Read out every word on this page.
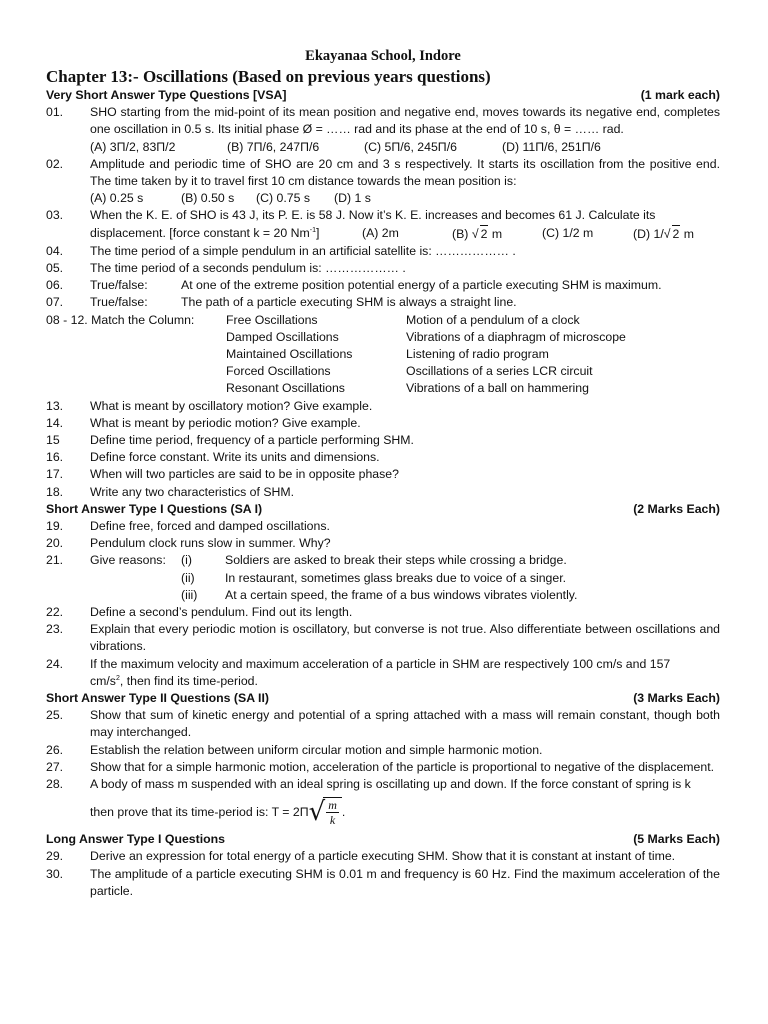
Ekayanaa School, Indore
Chapter 13:- Oscillations (Based on previous years questions)
Very Short Answer Type Questions [VSA]	(1 mark each)
01.	SHO starting from the mid-point of its mean position and negative end, moves towards its negative end, completes one oscillation in 0.5 s. Its initial phase Ø = …… rad and its phase at the end of 10 s, θ = …… rad.
(A) 3Π/2, 83Π/2	(B) 7Π/6, 247Π/6	(C) 5Π/6, 245Π/6	(D) 11Π/6, 251Π/6
02.	Amplitude and periodic time of SHO are 20 cm and 3 s respectively. It starts its oscillation from the positive end. The time taken by it to travel first 10 cm distance towards the mean position is:
(A) 0.25 s	(B) 0.50 s	(C) 0.75 s	(D) 1 s
03.	When the K. E. of SHO is 43 J, its P. E. is 58 J. Now it’s K. E. increases and becomes 61 J. Calculate its
displacement. [force constant k = 20 $Nm^{-1}$]	(A) 2m	(B) √ 2 m	(C) 1/2 m	(D) 1/√ 2 m
04.	The time period of a simple pendulum in an artificial satellite is: ……………… .
05.	The time period of a seconds pendulum is: ……………… .
06.	True/false:	At one of the extreme position potential energy of a particle executing SHM is maximum.
07.	True/false:	The path of a particle executing SHM is always a straight line.
08 - 12. Match the Column:	Free Oscillations	Motion of a pendulum of a clock
Damped Oscillations	Vibrations of a diaphragm of microscope
Maintained Oscillations	Listening of radio program
Forced Oscillations	Oscillations of a series LCR circuit
Resonant Oscillations	Vibrations of a ball on hammering
13.	What is meant by oscillatory motion? Give example.
14.	What is meant by periodic motion? Give example.
15	Define time period, frequency of a particle performing SHM.
16.	Define force constant. Write its units and dimensions.
17.	When will two particles are said to be in opposite phase?
18.	Write any two characteristics of SHM.
Short Answer Type I Questions (SA I)	(2 Marks Each)
19.	Define free, forced and damped oscillations.
20.	Pendulum clock runs slow in summer. Why?
21.	Give reasons:	(i)	Soldiers are asked to break their steps while crossing a bridge.
(ii)	In restaurant, sometimes glass breaks due to voice of a singer.
(iii)	At a certain speed, the frame of a bus windows vibrates violently.
22.	Define a second’s pendulum. Find out its length.
23.	Explain that every periodic motion is oscillatory, but converse is not true. Also differentiate between oscillations and vibrations.
24.	If the maximum velocity and maximum acceleration of a particle in SHM are respectively 100 cm/s and 157
$cm/s^2$, then find its time-period.
Short Answer Type II Questions (SA II)	(3 Marks Each)
25.	Show that sum of kinetic energy and potential of a spring attached with a mass will remain constant, though both may interchanged.
26.	Establish the relation between uniform circular motion and simple harmonic motion.
27.	Show that for a simple harmonic motion, acceleration of the particle is proportional to negative of the displacement.
28.	A body of mass m suspended with an ideal spring is oscillating up and down. If the force constant of spring is k
then prove that its time-period is: T = 2Π √ $\frac{m}{k}$ .
Long Answer Type I Questions	(5 Marks Each)
29.	Derive an expression for total energy of a particle executing SHM. Show that it is constant at instant of time.
30.	The amplitude of a particle executing SHM is 0.01 m and frequency is 60 Hz. Find the maximum acceleration of the particle.
